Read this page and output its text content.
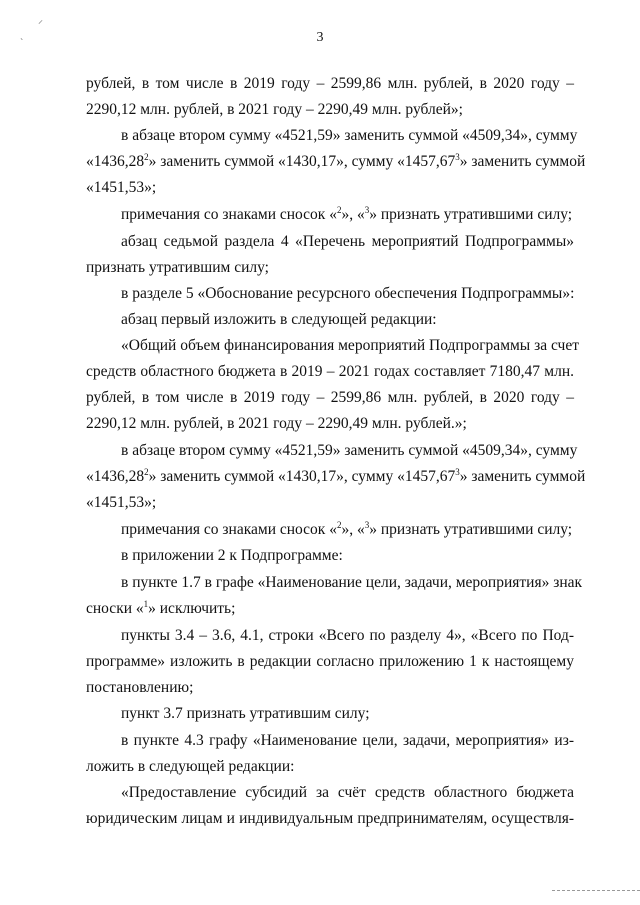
3
⸝
ˋ
рублей, в том числе в 2019 году – 2599,86 млн. рублей, в 2020 году –
2290,12 млн. рублей, в 2021 году – 2290,49 млн. рублей»;
в абзаце втором сумму «4521,59» заменить суммой «4509,34», сумму
«1436,28$^2$» заменить суммой «1430,17», сумму «1457,67$^3$» заменить суммой
«1451,53»;
примечания со знаками сносок «$^2$», «$^3$» признать утратившими силу;
абзац седьмой раздела 4 «Перечень мероприятий Подпрограммы»
признать утратившим силу;
в разделе 5 «Обоснование ресурсного обеспечения Подпрограммы»:
абзац первый изложить в следующей редакции:
«Общий объем финансирования мероприятий Подпрограммы за счет
средств областного бюджета в 2019 – 2021 годах составляет 7180,47 млн.
рублей, в том числе в 2019 году – 2599,86 млн. рублей, в 2020 году –
2290,12 млн. рублей, в 2021 году – 2290,49 млн. рублей.»;
в абзаце втором сумму «4521,59» заменить суммой «4509,34», сумму
«1436,28$^2$» заменить суммой «1430,17», сумму «1457,67$^3$» заменить суммой
«1451,53»;
примечания со знаками сносок «$^2$», «$^3$» признать утратившими силу;
в приложении 2 к Подпрограмме:
в пункте 1.7 в графе «Наименование цели, задачи, мероприятия» знак
сноски «$^1$» исключить;
пункты 3.4 – 3.6, 4.1, строки «Всего по разделу 4», «Всего по Под-
программе» изложить в редакции согласно приложению 1 к настоящему
постановлению;
пункт 3.7 признать утратившим силу;
в пункте 4.3 графу «Наименование цели, задачи, мероприятия» из-
ложить в следующей редакции:
«Предоставление субсидий за счёт средств областного бюджета
юридическим лицам и индивидуальным предпринимателям, осуществля-
